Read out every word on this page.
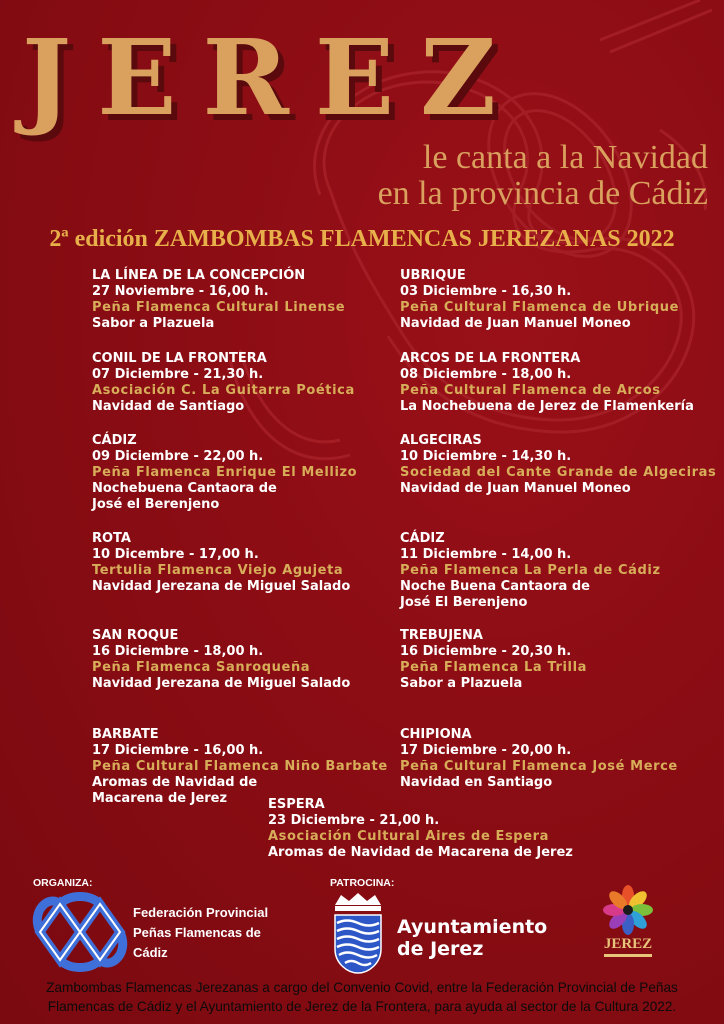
JEREZ
le canta a la Navidad
en la provincia de Cádiz
2ª edición ZAMBOMBAS FLAMENCAS JEREZANAS 2022
LA LÍNEA DE LA CONCEPCIÓN
27 Noviembre - 16,00 h.
Peña Flamenca Cultural Linense
Sabor a Plazuela
UBRIQUE
03 Diciembre - 16,30 h.
Peña Cultural Flamenca de Ubrique
Navidad de Juan Manuel Moneo
CONIL DE LA FRONTERA
07 Diciembre - 21,30 h.
Asociación C. La Guitarra Poética
Navidad de Santiago
ARCOS DE LA FRONTERA
08 Diciembre - 18,00 h.
Peña Cultural Flamenca de Arcos
La Nochebuena de Jerez de Flamenkería
CÁDIZ
09 Diciembre - 22,00 h.
Peña Flamenca Enrique El Mellizo
Nochebuena Cantaora de
José el Berenjeno
ALGECIRAS
10 Diciembre - 14,30 h.
Sociedad del Cante Grande de Algeciras
Navidad de Juan Manuel Moneo
ROTA
10 Dicembre - 17,00 h.
Tertulia Flamenca Viejo Agujeta
Navidad Jerezana de Miguel Salado
CÁDIZ
11 Diciembre - 14,00 h.
Peña Flamenca La Perla de Cádiz
Noche Buena Cantaora de
José El Berenjeno
SAN ROQUE
16 Diciembre - 18,00 h.
Peña Flamenca Sanroqueña
Navidad Jerezana de Miguel Salado
TREBUJENA
16 Diciembre - 20,30 h.
Peña Flamenca La Trilla
Sabor a Plazuela
BARBATE
17 Diciembre - 16,00 h.
Peña Cultural Flamenca Niño Barbate
Aromas de Navidad de
Macarena de Jerez
CHIPIONA
17 Diciembre - 20,00 h.
Peña Cultural Flamenca José Merce
Navidad en Santiago
ESPERA
23 Diciembre - 21,00 h.
Asociación Cultural Aires de Espera
Aromas de Navidad de Macarena de Jerez
ORGANIZA:
Federación Provincial
Peñas Flamencas de
Cádiz
PATROCINA:
Ayuntamiento
de Jerez	JEREZ
Zambombas Flamencas Jerezanas a cargo del Convenio Covid, entre la Federación Provincial de Peñas
Flamencas de Cádiz y el Ayuntamiento de Jerez de la Frontera, para ayuda al sector de la Cultura 2022.
